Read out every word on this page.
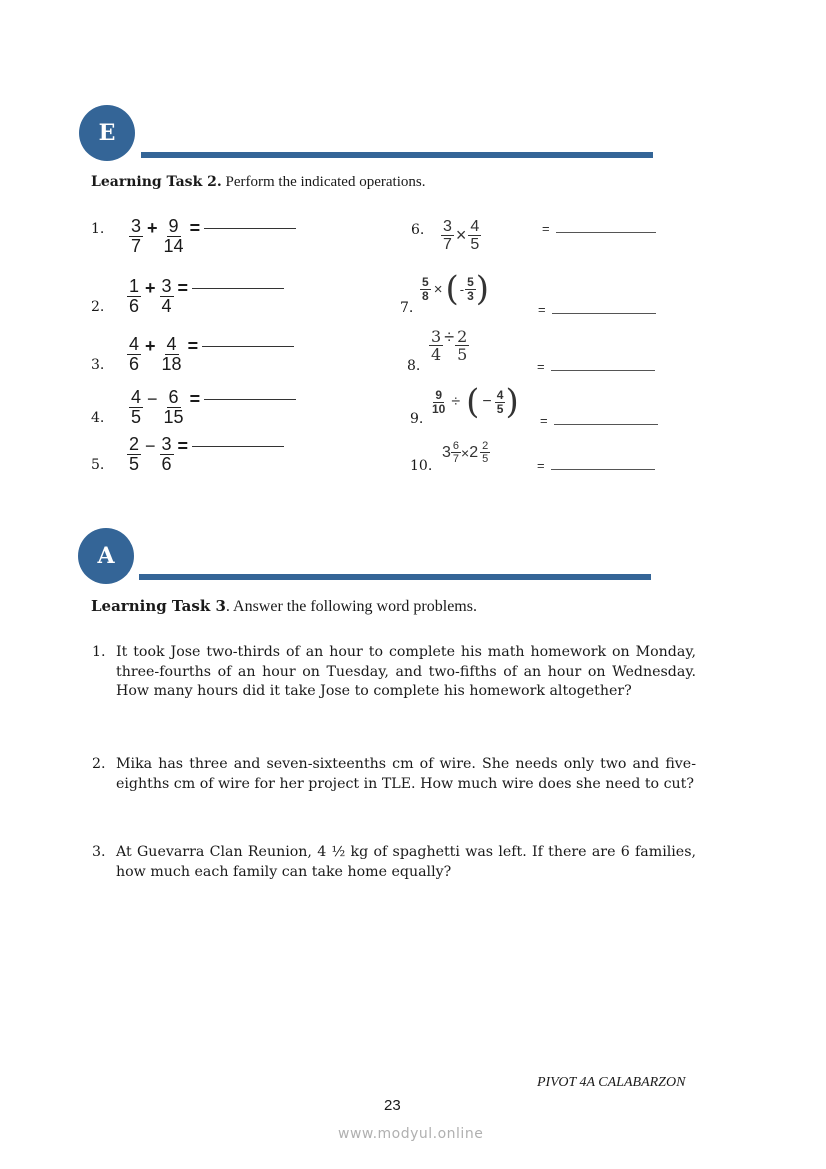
E
Learning Task 2. Perform the indicated operations.
1. $\frac{3}{7} + \frac{9}{14}$ =
2. $\frac{1}{6} + \frac{3}{4}$ =
3. $\frac{4}{6} + \frac{4}{18}$ =
4. $\frac{4}{5} - \frac{6}{15}$ =
5. $\frac{2}{5} - \frac{3}{6}$ =
6. $\frac{3}{7} \times \frac{4}{5}$	=
7.
$\frac{5}{8}$ × ( - $\frac{5}{3}$ )
=
8.
$\frac{3}{4} \div \frac{2}{5}$
=
9.
$\frac{9}{10}$ ÷ ( − $\frac{4}{5}$ ) =
10.
$3 \frac{6}{7} \times 2 \frac{2}{5}$
=
A
Learning Task 3. Answer the following word problems.
1. It took Jose two-thirds of an hour to complete his math homework on Monday, three-fourths of an hour on Tuesday, and two-fifths of an hour on Wednesday. How many hours did it take Jose to complete his homework altogether?
2. Mika has three and seven-sixteenths cm of wire. She needs only two and five-eighths cm of wire for her project in TLE. How much wire does she need to cut?
3. At Guevarra Clan Reunion, 4 ½ kg of spaghetti was left. If there are 6 families, how much each family can take home equally?
PIVOT 4A CALABARZON
23
www.modyul.online
